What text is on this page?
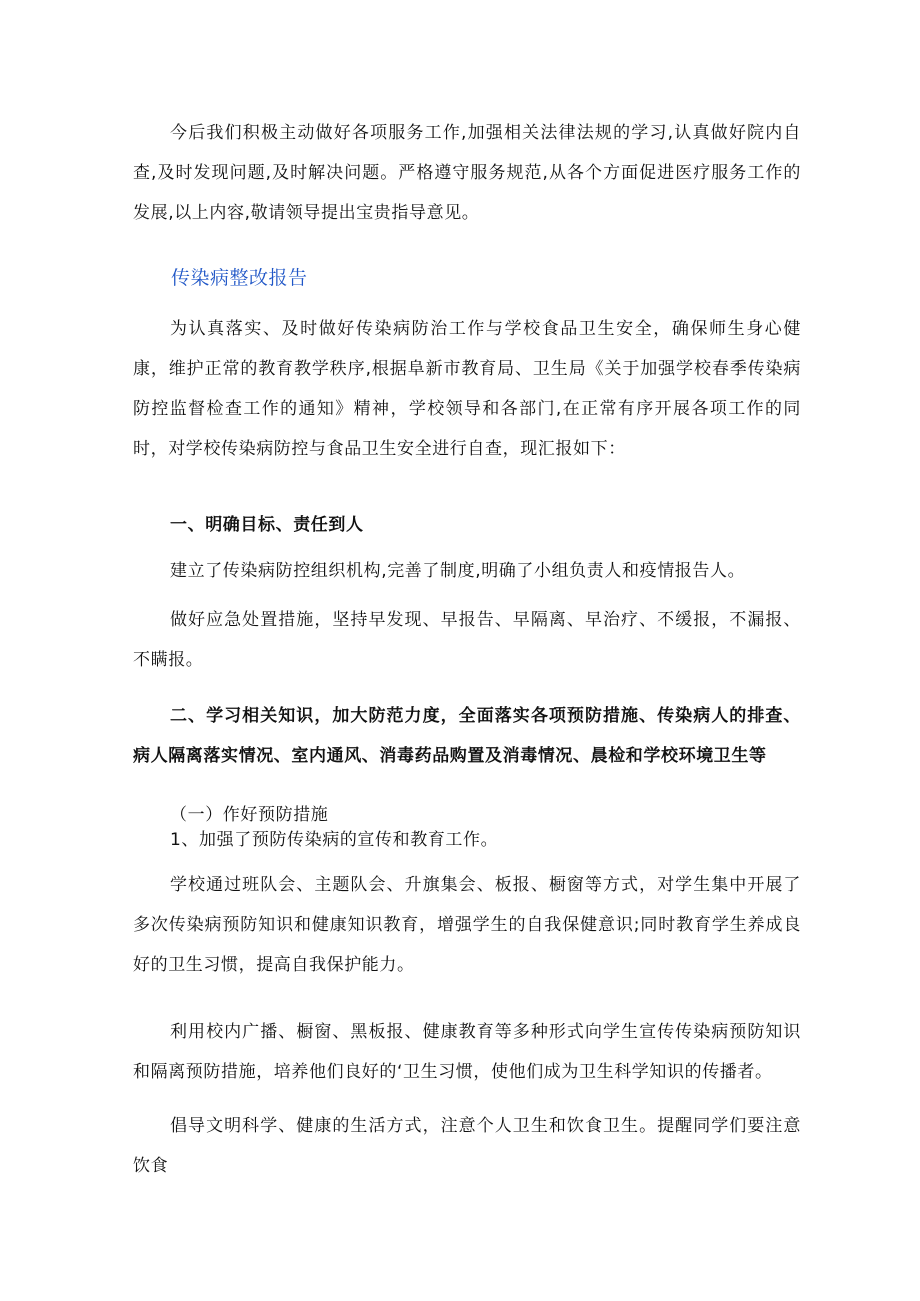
今后我们积极主动做好各项服务工作,加强相关法律法规的学习,认真做好院内自查,及时发现问题,及时解决问题。严格遵守服务规范,从各个方面促进医疗服务工作的发展,以上内容,敬请领导提出宝贵指导意见。

传染病整改报告

为认真落实、及时做好传染病防治工作与学校食品卫生安全，确保师生身心健康，维护正常的教育教学秩序,根据阜新市教育局、卫生局《关于加强学校春季传染病防控监督检查工作的通知》精神，学校领导和各部门,在正常有序开展各项工作的同时，对学校传染病防控与食品卫生安全进行自查，现汇报如下：

一、明确目标、责任到人

建立了传染病防控组织机构,完善了制度,明确了小组负责人和疫情报告人。

做好应急处置措施，坚持早发现、早报告、早隔离、早治疗、不缓报，不漏报、不瞒报。

二、学习相关知识，加大防范力度，全面落实各项预防措施、传染病人的排查、病人隔离落实情况、室内通风、消毒药品购置及消毒情况、晨检和学校环境卫生等

（一）作好预防措施

1、加强了预防传染病的宣传和教育工作。

学校通过班队会、主题队会、升旗集会、板报、橱窗等方式，对学生集中开展了多次传染病预防知识和健康知识教育，增强学生的自我保健意识;同时教育学生养成良好的卫生习惯，提高自我保护能力。

利用校内广播、橱窗、黑板报、健康教育等多种形式向学生宣传传染病预防知识和隔离预防措施，培养他们良好的‘卫生习惯，使他们成为卫生科学知识的传播者。

倡导文明科学、健康的生活方式，注意个人卫生和饮食卫生。提醒同学们要注意饮食
